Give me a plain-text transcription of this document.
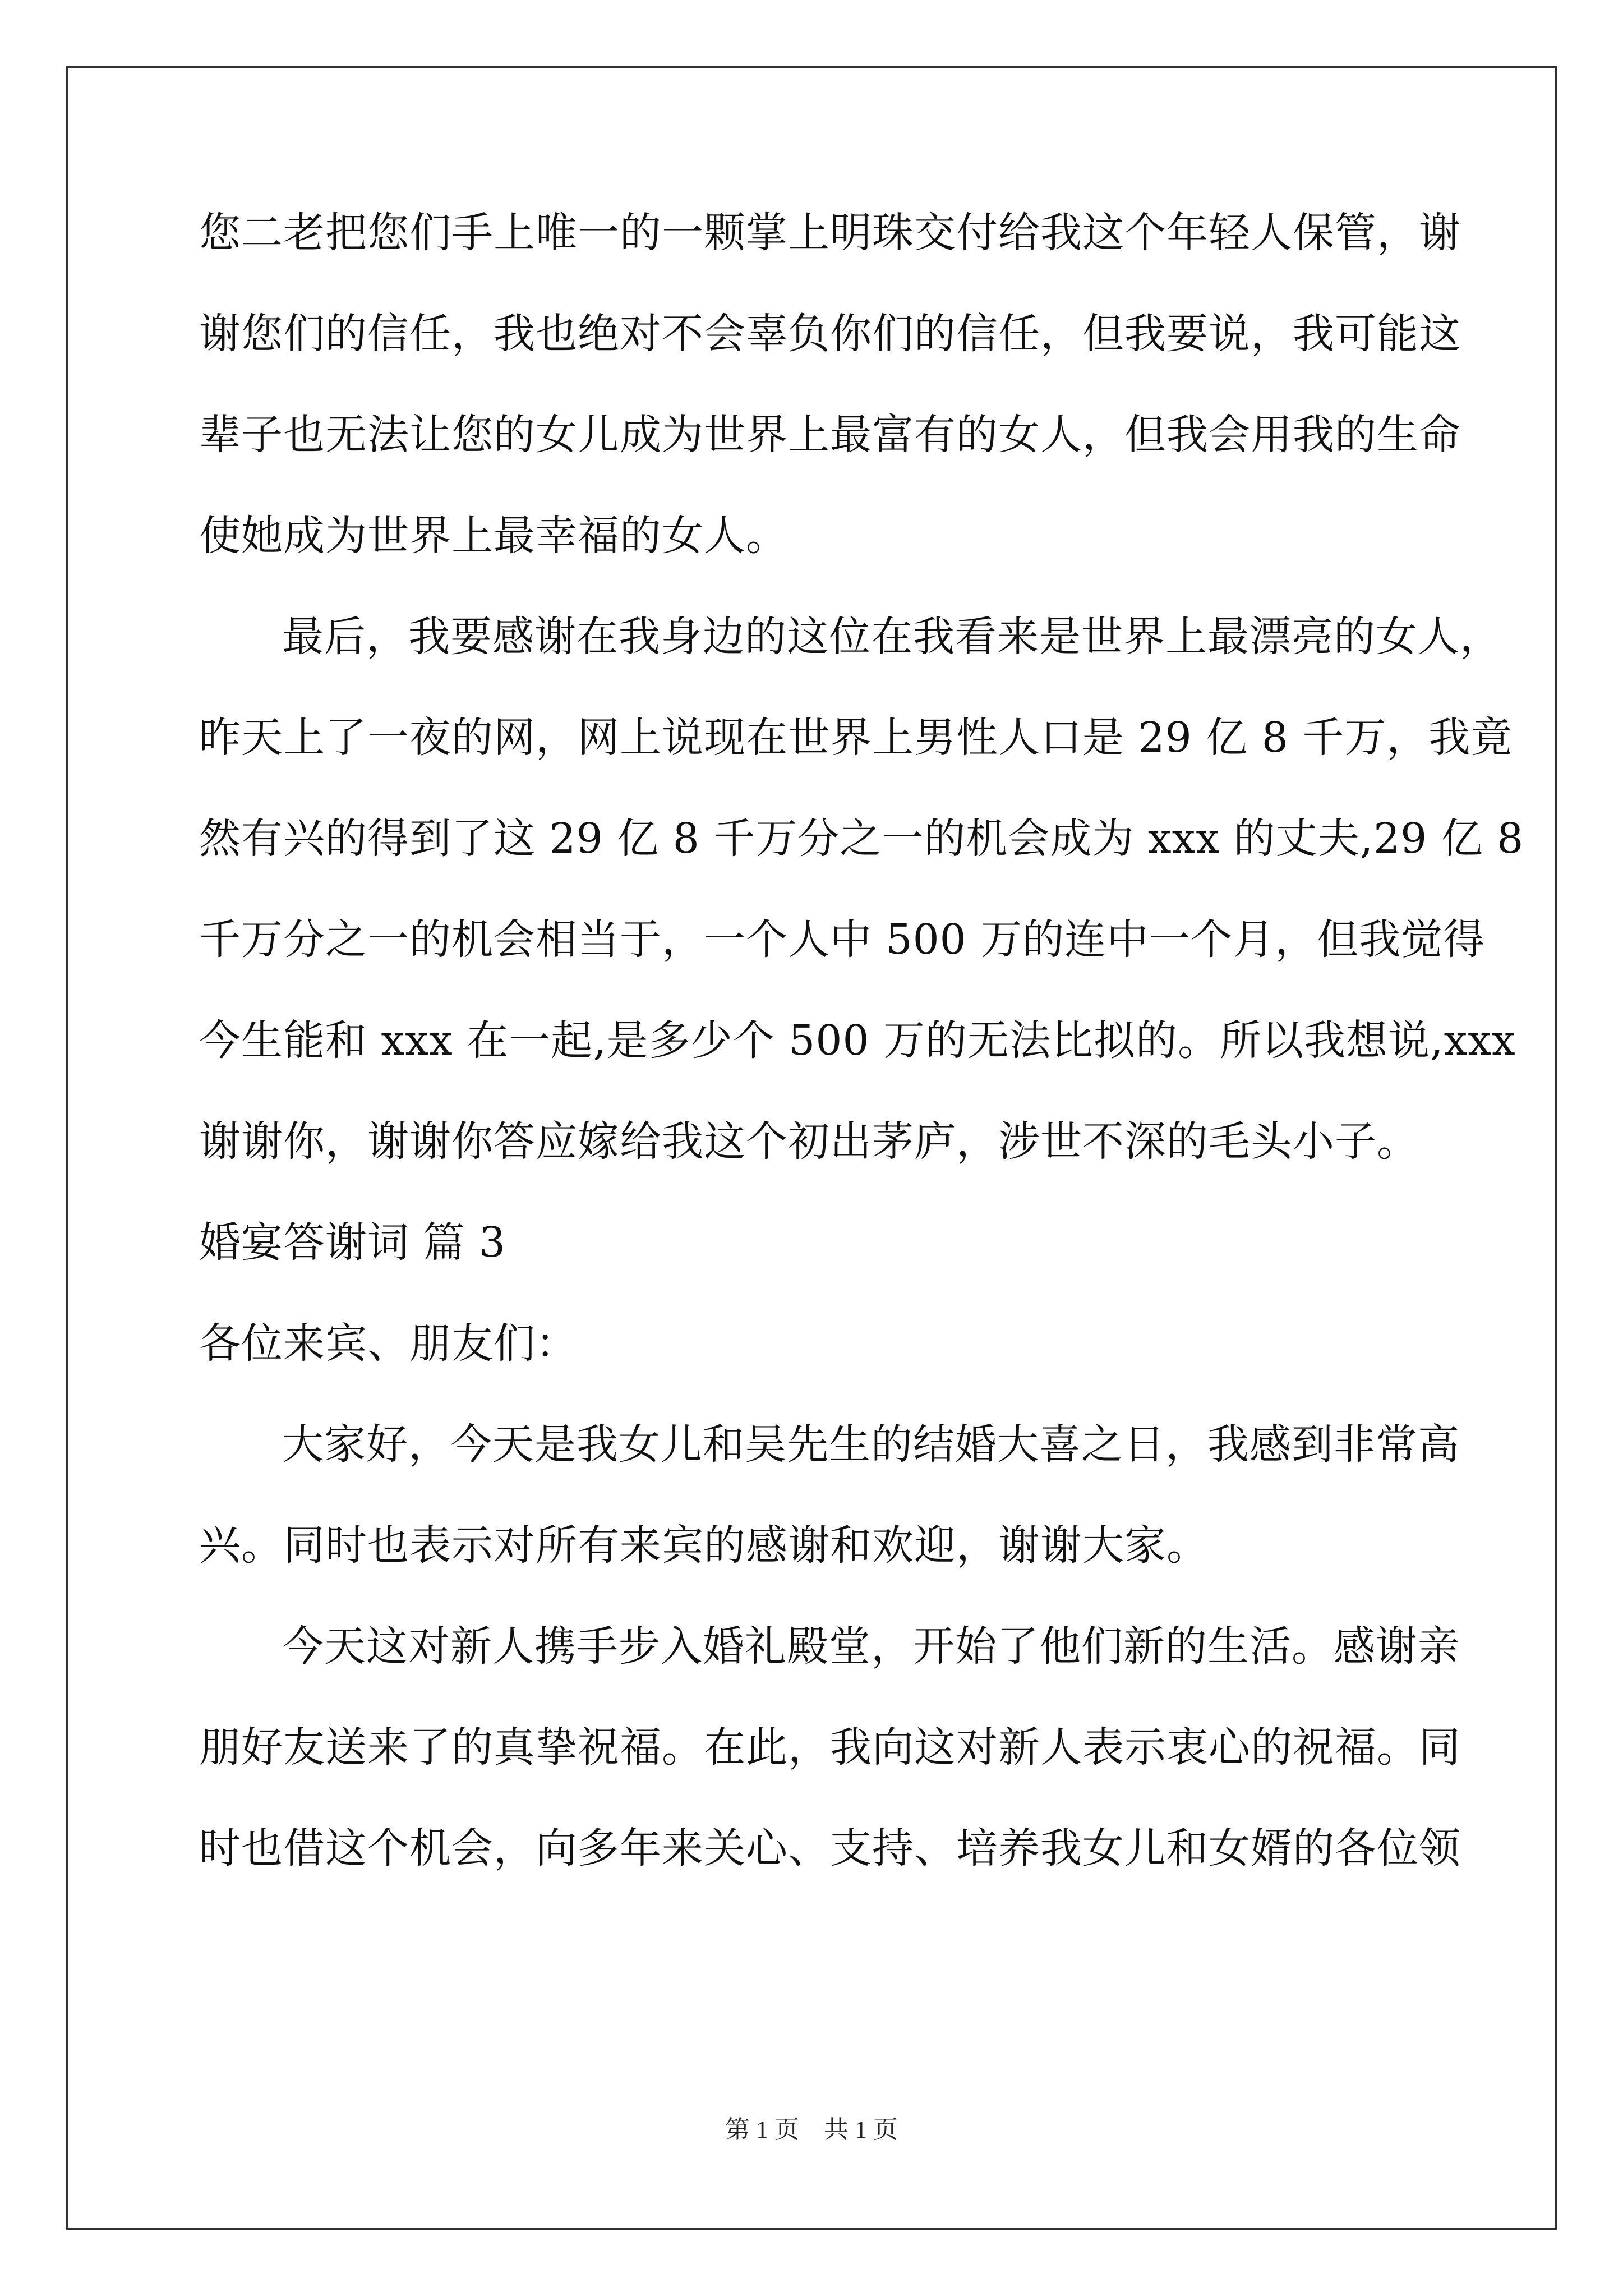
您二老把您们手上唯一的一颗掌上明珠交付给我这个年轻人保管，谢
谢您们的信任，我也绝对不会辜负你们的信任，但我要说，我可能这
辈子也无法让您的女儿成为世界上最富有的女人，但我会用我的生命
使她成为世界上最幸福的女人。
最后，我要感谢在我身边的这位在我看来是世界上最漂亮的女人，
昨天上了一夜的网，网上说现在世界上男性人口是 29 亿 8 千万，我竟
然有兴的得到了这 29 亿 8 千万分之一的机会成为 xxx 的丈夫,29 亿 8
千万分之一的机会相当于，一个人中 500 万的连中一个月，但我觉得
今生能和 xxx 在一起,是多少个 500 万的无法比拟的。所以我想说,xxx
谢谢你，谢谢你答应嫁给我这个初出茅庐，涉世不深的毛头小子。
婚宴答谢词 篇 3
各位来宾、朋友们：
大家好，今天是我女儿和吴先生的结婚大喜之日，我感到非常高
兴。同时也表示对所有来宾的感谢和欢迎，谢谢大家。
今天这对新人携手步入婚礼殿堂，开始了他们新的生活。感谢亲
朋好友送来了的真挚祝福。在此，我向这对新人表示衷心的祝福。同
时也借这个机会，向多年来关心、支持、培养我女儿和女婿的各位领
第 1 页　共 1 页
